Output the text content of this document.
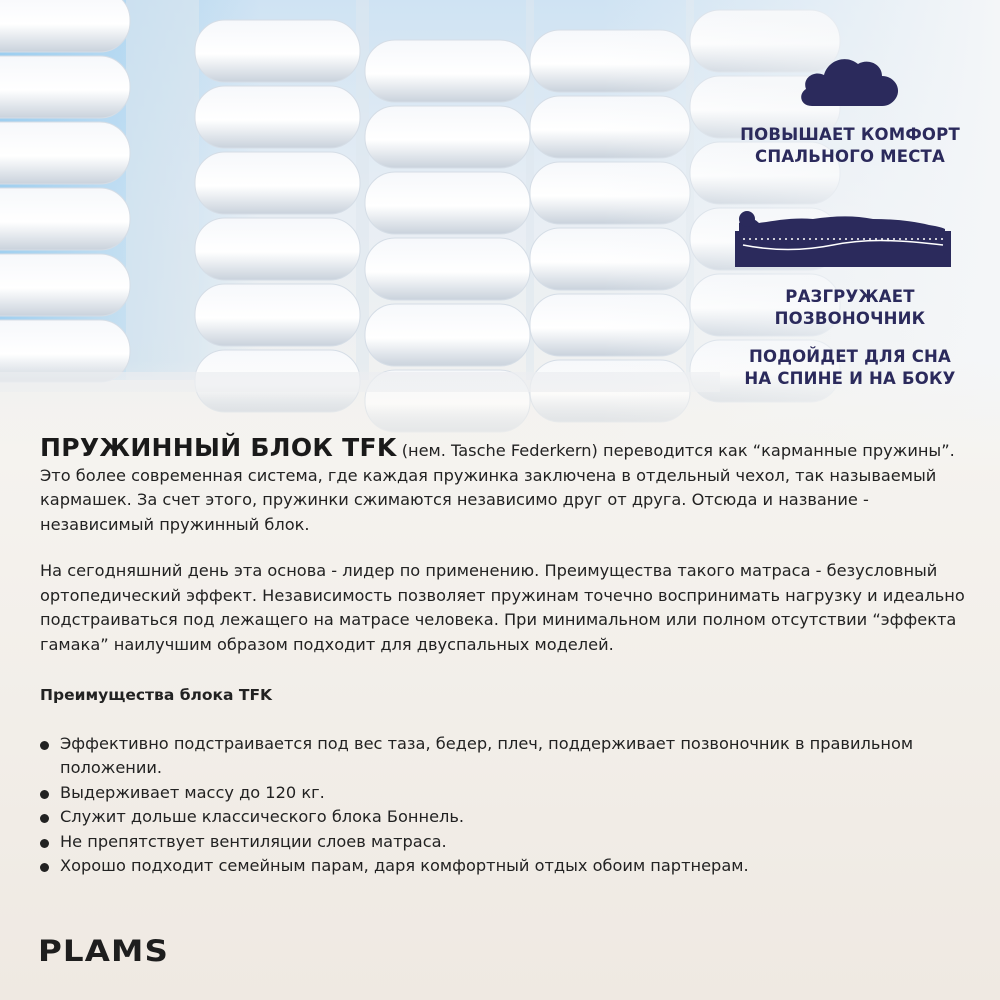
ПОВЫШАЕТ КОМФОРТ
СПАЛЬНОГО МЕСТА
РАЗГРУЖАЕТ
ПОЗВОНОЧНИК
ПОДОЙДЕТ ДЛЯ СНА
НА СПИНЕ И НА БОКУ

ПРУЖИННЫЙ БЛОК TFK (нем. Tasche Federkern) переводится как “карманные пружины”. Это более современная система, где каждая пружинка заключена в отдельный чехол, так называемый кармашек. За счет этого, пружинки сжимаются независимо друг от друга. Отсюда и название - независимый пружинный блок.

На сегодняшний день эта основа - лидер по применению. Преимущества такого матраса - безусловный ортопедический эффект. Независимость позволяет пружинам точечно воспринимать нагрузку и идеально подстраиваться под лежащего на матрасе человека. При минимальном или полном отсутствии “эффекта гамака” наилучшим образом подходит для двуспальных моделей.

Преимущества блока TFK
Эффективно подстраивается под вес таза, бедер, плеч, поддерживает позвоночник в правильном положении.
Выдерживает массу до 120 кг.
Служит дольше классического блока Боннель.
Не препятствует вентиляции слоев матраса.
Хорошо подходит семейным парам, даря комфортный отдых обоим партнерам.
PLAMS
